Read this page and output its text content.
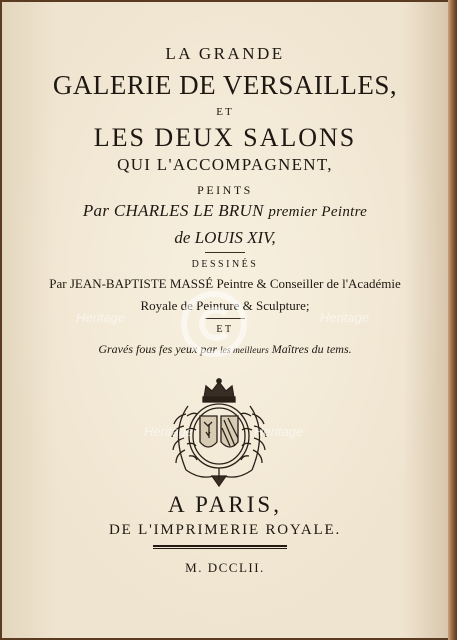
LA GRANDE
GALERIE DE VERSAILLES,
ET
LES DEUX SALONS
QUI L'ACCOMPAGNENT,
PEINTS
Par CHARLES LE BRUN premier Peintre
de LOUIS XIV,
DESSINÉS
Par JEAN-BAPTISTE MASSÉ Peintre & Conseiller de l'Académie
Royale de Peinture & Sculpture;
ET
Gravés fous fes yeux par les meilleurs Maîtres du tems.
A PARIS,
DE L'IMPRIMERIE ROYALE.
M. DCCLII.
Heritage	Heritage
Heritage	Heritage
